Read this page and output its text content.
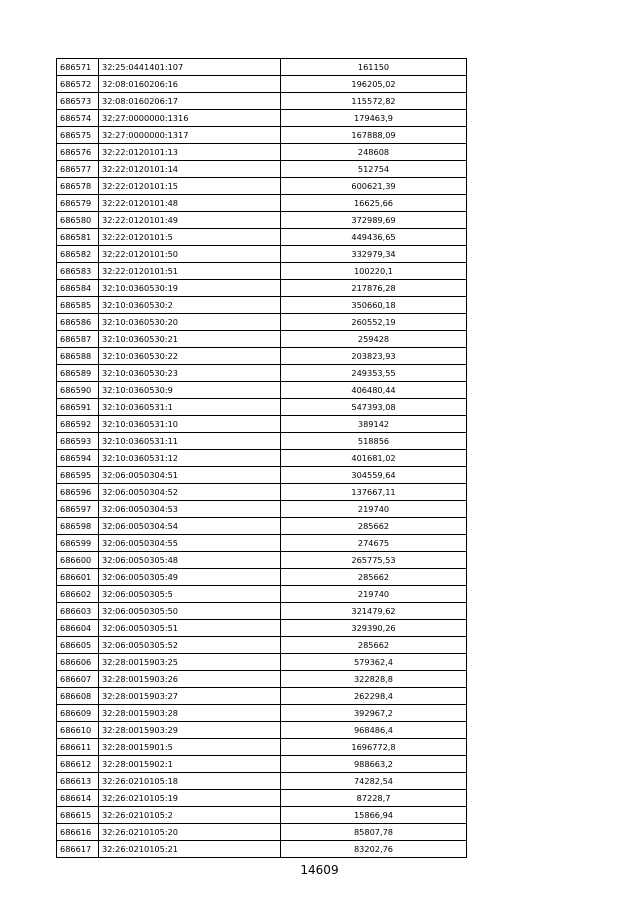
686571	32:25:0441401:107	161150
686572	32:08:0160206:16	196205,02
686573	32:08:0160206:17	115572,82
686574	32:27:0000000:1316	179463,9
686575	32:27:0000000:1317	167888,09
686576	32:22:0120101:13	248608
686577	32:22:0120101:14	512754
686578	32:22:0120101:15	600621,39
686579	32:22:0120101:48	16625,66
686580	32:22:0120101:49	372989,69
686581	32:22:0120101:5	449436,65
686582	32:22:0120101:50	332979,34
686583	32:22:0120101:51	100220,1
686584	32:10:0360530:19	217876,28
686585	32:10:0360530:2	350660,18
686586	32:10:0360530:20	260552,19
686587	32:10:0360530:21	259428
686588	32:10:0360530:22	203823,93
686589	32:10:0360530:23	249353,55
686590	32:10:0360530:9	406480,44
686591	32:10:0360531:1	547393,08
686592	32:10:0360531:10	389142
686593	32:10:0360531:11	518856
686594	32:10:0360531:12	401681,02
686595	32:06:0050304:51	304559,64
686596	32:06:0050304:52	137667,11
686597	32:06:0050304:53	219740
686598	32:06:0050304:54	285662
686599	32:06:0050304:55	274675
686600	32:06:0050305:48	265775,53
686601	32:06:0050305:49	285662
686602	32:06:0050305:5	219740
686603	32:06:0050305:50	321479,62
686604	32:06:0050305:51	329390,26
686605	32:06:0050305:52	285662
686606	32:28:0015903:25	579362,4
686607	32:28:0015903:26	322828,8
686608	32:28:0015903:27	262298,4
686609	32:28:0015903:28	392967,2
686610	32:28:0015903:29	968486,4
686611	32:28:0015901:5	1696772,8
686612	32:28:0015902:1	988663,2
686613	32:26:0210105:18	74282,54
686614	32:26:0210105:19	87228,7
686615	32:26:0210105:2	15866,94
686616	32:26:0210105:20	85807,78
686617	32:26:0210105:21	83202,76
14609
